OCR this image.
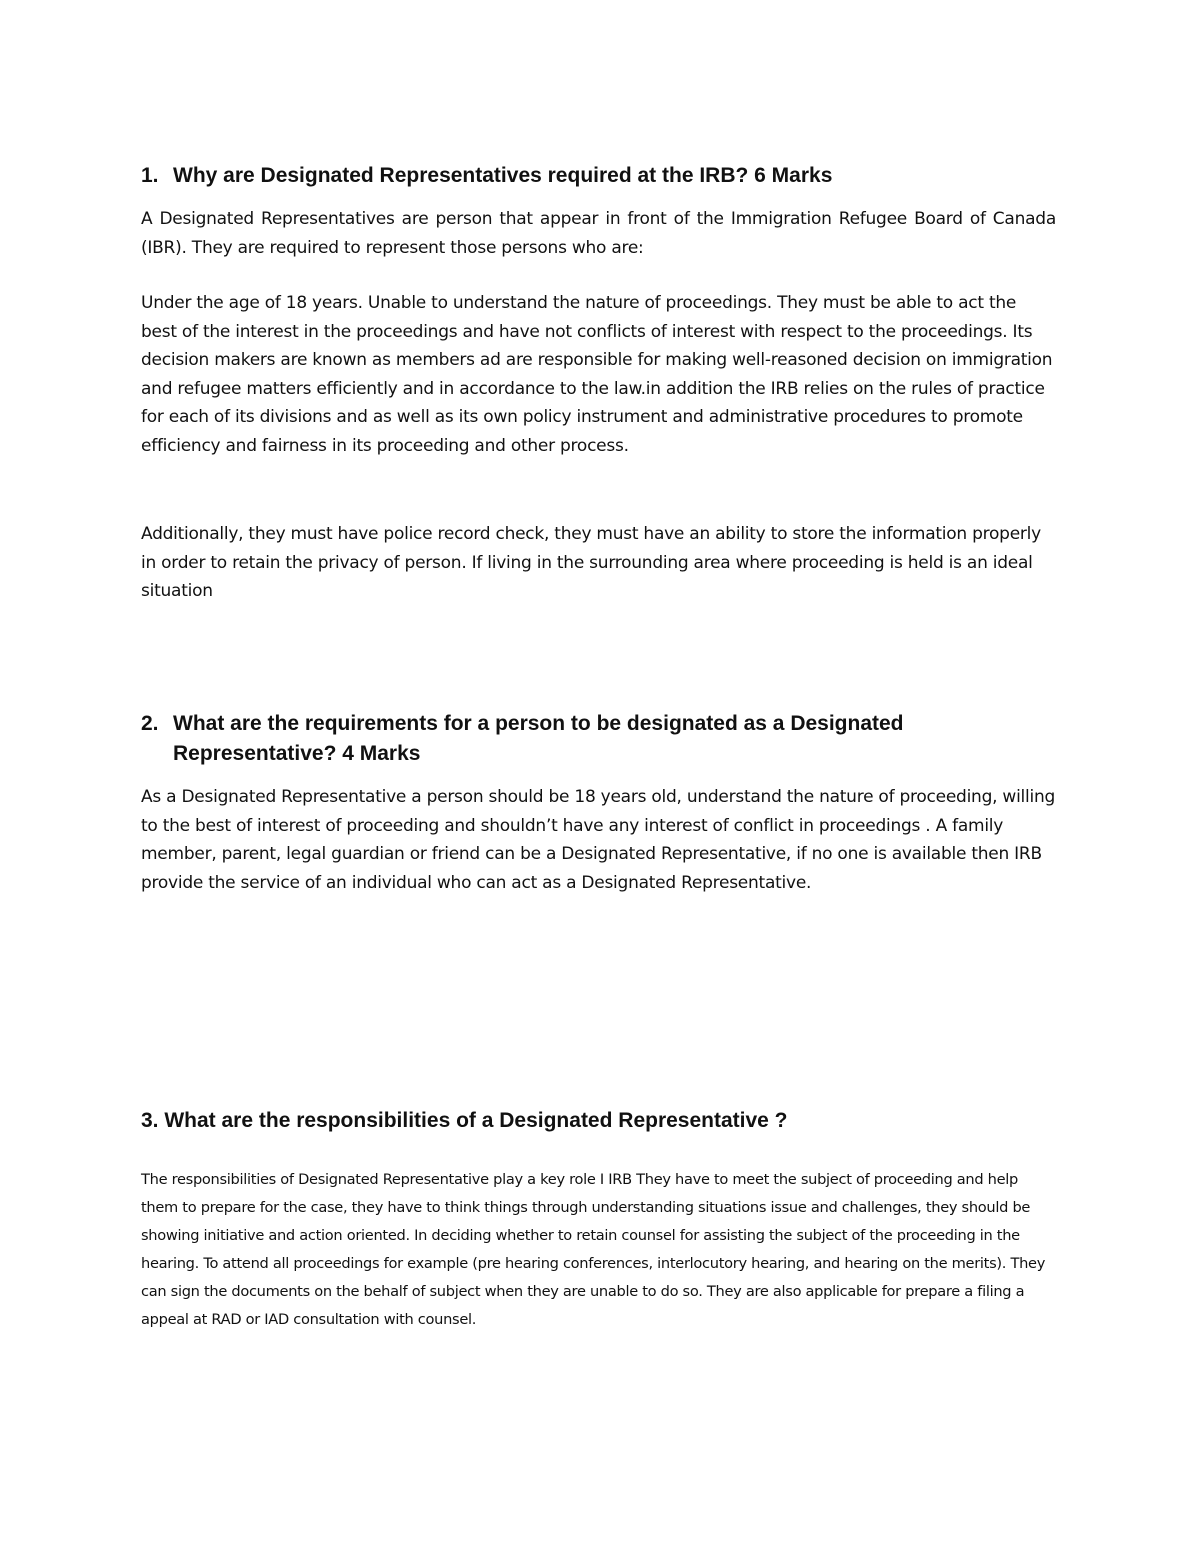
1. Why are Designated Representatives required at the IRB? 6 Marks

A Designated Representatives are person that appear in front of the Immigration Refugee Board of Canada (IBR). They are required to represent those persons who are:

Under the age of 18 years. Unable to understand the nature of proceedings. They must be able to act the best of the interest in the proceedings and have not conflicts of interest with respect to the proceedings. Its decision makers are known as members ad are responsible for making well-reasoned decision on immigration and refugee matters efficiently and in accordance to the law.in addition the IRB relies on the rules of practice for each of its divisions and as well as its own policy instrument and administrative procedures to promote efficiency and fairness in its proceeding and other process.

Additionally, they must have police record check, they must have an ability to store the information properly in order to retain the privacy of person. If living in the surrounding area where proceeding is held is an ideal situation

2. What are the requirements for a person to be designated as a Designated
Representative? 4 Marks

As a Designated Representative a person should be 18 years old, understand the nature of proceeding, willing to the best of interest of proceeding and shouldn’t have any interest of conflict in proceedings . A family member, parent, legal guardian or friend can be a Designated Representative, if no one is available then IRB provide the service of an individual who can act as a Designated Representative.

3. What are the responsibilities of a Designated Representative ?

The responsibilities of Designated Representative play a key role I IRB They have to meet the subject of proceeding and help them to prepare for the case, they have to think things through understanding situations issue and challenges, they should be showing initiative and action oriented. In deciding whether to retain counsel for assisting the subject of the proceeding in the hearing. To attend all proceedings for example (pre hearing conferences, interlocutory hearing, and hearing on the merits). They can sign the documents on the behalf of subject when they are unable to do so. They are also applicable for prepare a filing a appeal at RAD or IAD consultation with counsel.
